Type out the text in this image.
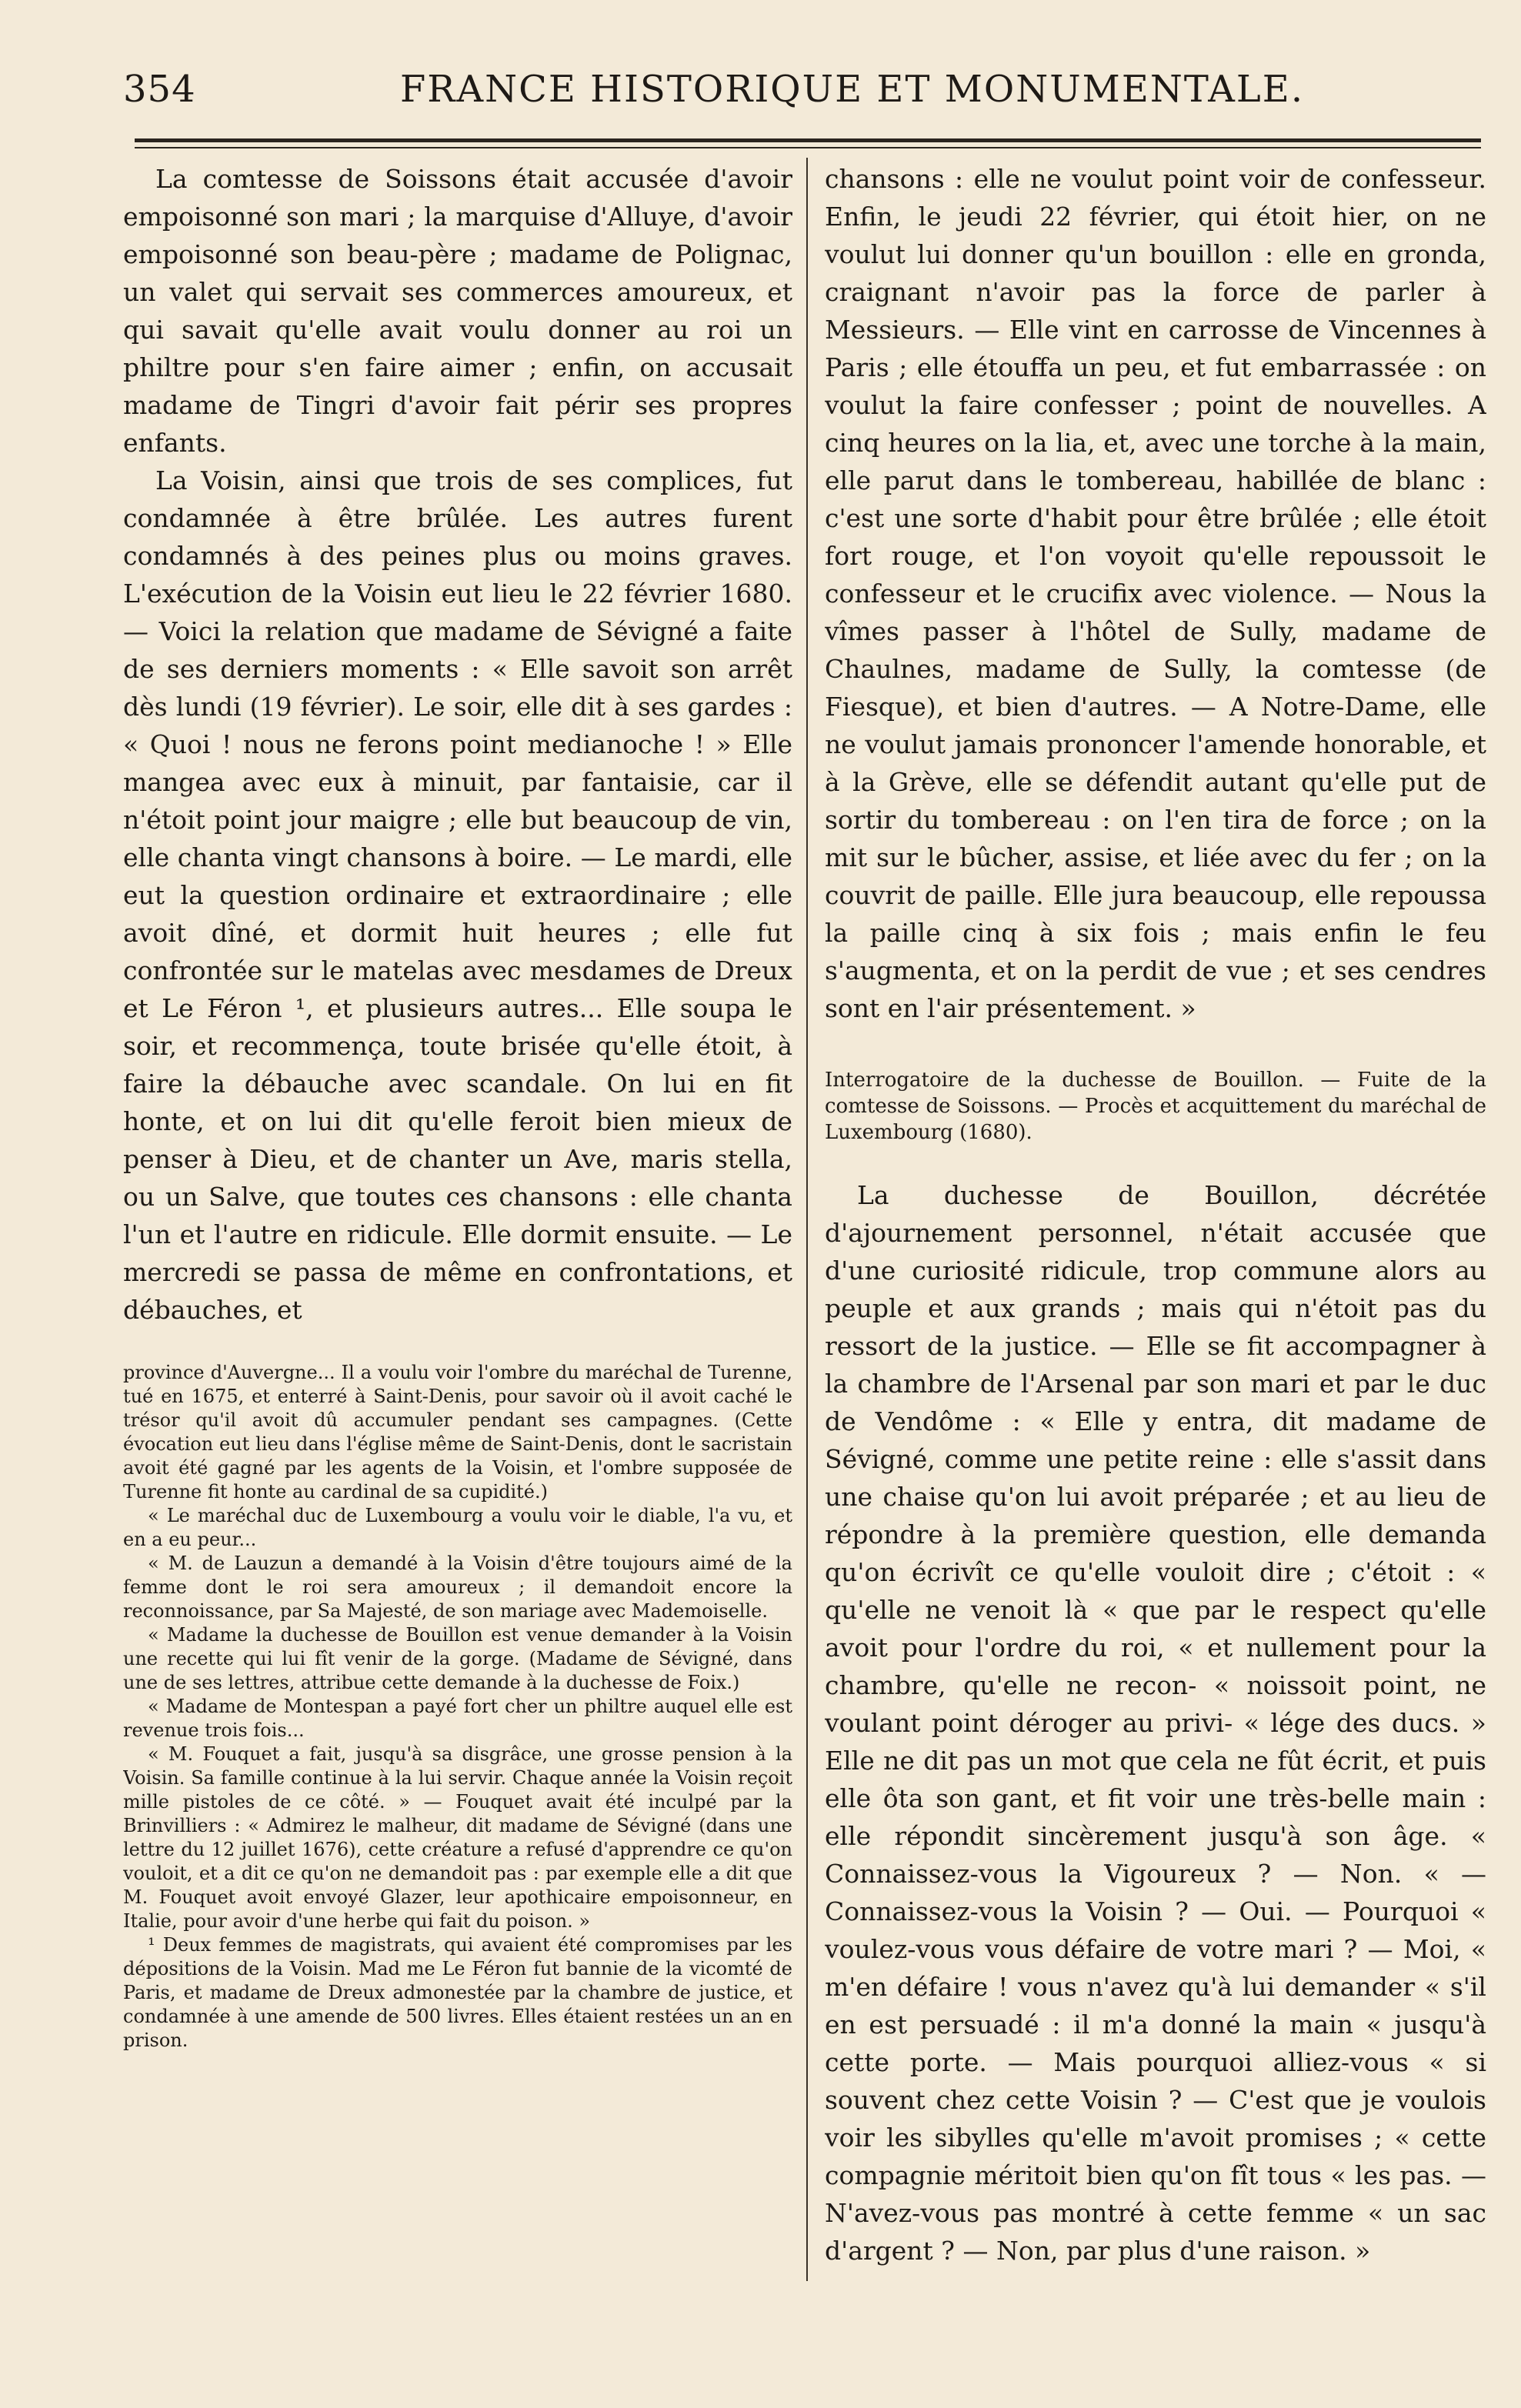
354	FRANCE HISTORIQUE ET MONUMENTALE.

La comtesse de Soissons était accusée d'avoir empoisonné son mari ; la marquise d'Alluye, d'avoir empoisonné son beau-père ; madame de Polignac, un valet qui servait ses commerces amoureux, et qui savait qu'elle avait voulu donner au roi un philtre pour s'en faire aimer ; enfin, on accusait madame de Tingri d'avoir fait périr ses propres enfants.

La Voisin, ainsi que trois de ses complices, fut condamnée à être brûlée. Les autres furent condamnés à des peines plus ou moins graves. L'exécution de la Voisin eut lieu le 22 février 1680. — Voici la relation que madame de Sévigné a faite de ses derniers moments : « Elle savoit son arrêt dès lundi (19 février). Le soir, elle dit à ses gardes : « Quoi ! nous ne ferons point medianoche ! » Elle mangea avec eux à minuit, par fantaisie, car il n'étoit point jour maigre ; elle but beaucoup de vin, elle chanta vingt chansons à boire. — Le mardi, elle eut la question ordinaire et extraordinaire ; elle avoit dîné, et dormit huit heures ; elle fut confrontée sur le matelas avec mesdames de Dreux et Le Féron ¹, et plusieurs autres... Elle soupa le soir, et recommença, toute brisée qu'elle étoit, à faire la débauche avec scandale. On lui en fit honte, et on lui dit qu'elle feroit bien mieux de penser à Dieu, et de chanter un Ave, maris stella, ou un Salve, que toutes ces chansons : elle chanta l'un et l'autre en ridicule. Elle dormit ensuite. — Le mercredi se passa de même en confrontations, et débauches, et

province d'Auvergne... Il a voulu voir l'ombre du maréchal de Turenne, tué en 1675, et enterré à Saint-Denis, pour savoir où il avoit caché le trésor qu'il avoit dû accumuler pendant ses campagnes. (Cette évocation eut lieu dans l'église même de Saint-Denis, dont le sacristain avoit été gagné par les agents de la Voisin, et l'ombre supposée de Turenne fit honte au cardinal de sa cupidité.)

« Le maréchal duc de Luxembourg a voulu voir le diable, l'a vu, et en a eu peur...

« M. de Lauzun a demandé à la Voisin d'être toujours aimé de la femme dont le roi sera amoureux ; il demandoit encore la reconnoissance, par Sa Majesté, de son mariage avec Mademoiselle.

« Madame la duchesse de Bouillon est venue demander à la Voisin une recette qui lui fît venir de la gorge. (Madame de Sévigné, dans une de ses lettres, attribue cette demande à la duchesse de Foix.)

« Madame de Montespan a payé fort cher un philtre auquel elle est revenue trois fois...

« M. Fouquet a fait, jusqu'à sa disgrâce, une grosse pension à la Voisin. Sa famille continue à la lui servir. Chaque année la Voisin reçoit mille pistoles de ce côté. » — Fouquet avait été inculpé par la Brinvilliers : « Admirez le malheur, dit madame de Sévigné (dans une lettre du 12 juillet 1676), cette créature a refusé d'apprendre ce qu'on vouloit, et a dit ce qu'on ne demandoit pas : par exemple elle a dit que M. Fouquet avoit envoyé Glazer, leur apothicaire empoisonneur, en Italie, pour avoir d'une herbe qui fait du poison. »

¹ Deux femmes de magistrats, qui avaient été compromises par les dépositions de la Voisin. Mad me Le Féron fut bannie de la vicomté de Paris, et madame de Dreux admonestée par la chambre de justice, et condamnée à une amende de 500 livres. Elles étaient restées un an en prison.

chansons : elle ne voulut point voir de confesseur. Enfin, le jeudi 22 février, qui étoit hier, on ne voulut lui donner qu'un bouillon : elle en gronda, craignant n'avoir pas la force de parler à Messieurs. — Elle vint en carrosse de Vincennes à Paris ; elle étouffa un peu, et fut embarrassée : on voulut la faire confesser ; point de nouvelles. A cinq heures on la lia, et, avec une torche à la main, elle parut dans le tombereau, habillée de blanc : c'est une sorte d'habit pour être brûlée ; elle étoit fort rouge, et l'on voyoit qu'elle repoussoit le confesseur et le crucifix avec violence. — Nous la vîmes passer à l'hôtel de Sully, madame de Chaulnes, madame de Sully, la comtesse (de Fiesque), et bien d'autres. — A Notre-Dame, elle ne voulut jamais prononcer l'amende honorable, et à la Grève, elle se défendit autant qu'elle put de sortir du tombereau : on l'en tira de force ; on la mit sur le bûcher, assise, et liée avec du fer ; on la couvrit de paille. Elle jura beaucoup, elle repoussa la paille cinq à six fois ; mais enfin le feu s'augmenta, et on la perdit de vue ; et ses cendres sont en l'air présentement. »

Interrogatoire de la duchesse de Bouillon. — Fuite de la comtesse de Soissons. — Procès et acquittement du maréchal de Luxembourg (1680).

La duchesse de Bouillon, décrétée d'ajournement personnel, n'était accusée que d'une curiosité ridicule, trop commune alors au peuple et aux grands ; mais qui n'étoit pas du ressort de la justice. — Elle se fit accompagner à la chambre de l'Arsenal par son mari et par le duc de Vendôme : « Elle y entra, dit madame de Sévigné, comme une petite reine : elle s'assit dans une chaise qu'on lui avoit préparée ; et au lieu de répondre à la première question, elle demanda qu'on écrivît ce qu'elle vouloit dire ; c'étoit : « qu'elle ne venoit là « que par le respect qu'elle avoit pour l'ordre du roi, « et nullement pour la chambre, qu'elle ne recon- « noissoit point, ne voulant point déroger au privi- « lége des ducs. » Elle ne dit pas un mot que cela ne fût écrit, et puis elle ôta son gant, et fit voir une très-belle main : elle répondit sincèrement jusqu'à son âge. « Connaissez-vous la Vigoureux ? — Non. « — Connaissez-vous la Voisin ? — Oui. — Pourquoi « voulez-vous vous défaire de votre mari ? — Moi, « m'en défaire ! vous n'avez qu'à lui demander « s'il en est persuadé : il m'a donné la main « jusqu'à cette porte. — Mais pourquoi alliez-vous « si souvent chez cette Voisin ? — C'est que je voulois voir les sibylles qu'elle m'avoit promises ; « cette compagnie méritoit bien qu'on fît tous « les pas. — N'avez-vous pas montré à cette femme « un sac d'argent ? — Non, par plus d'une raison. »
